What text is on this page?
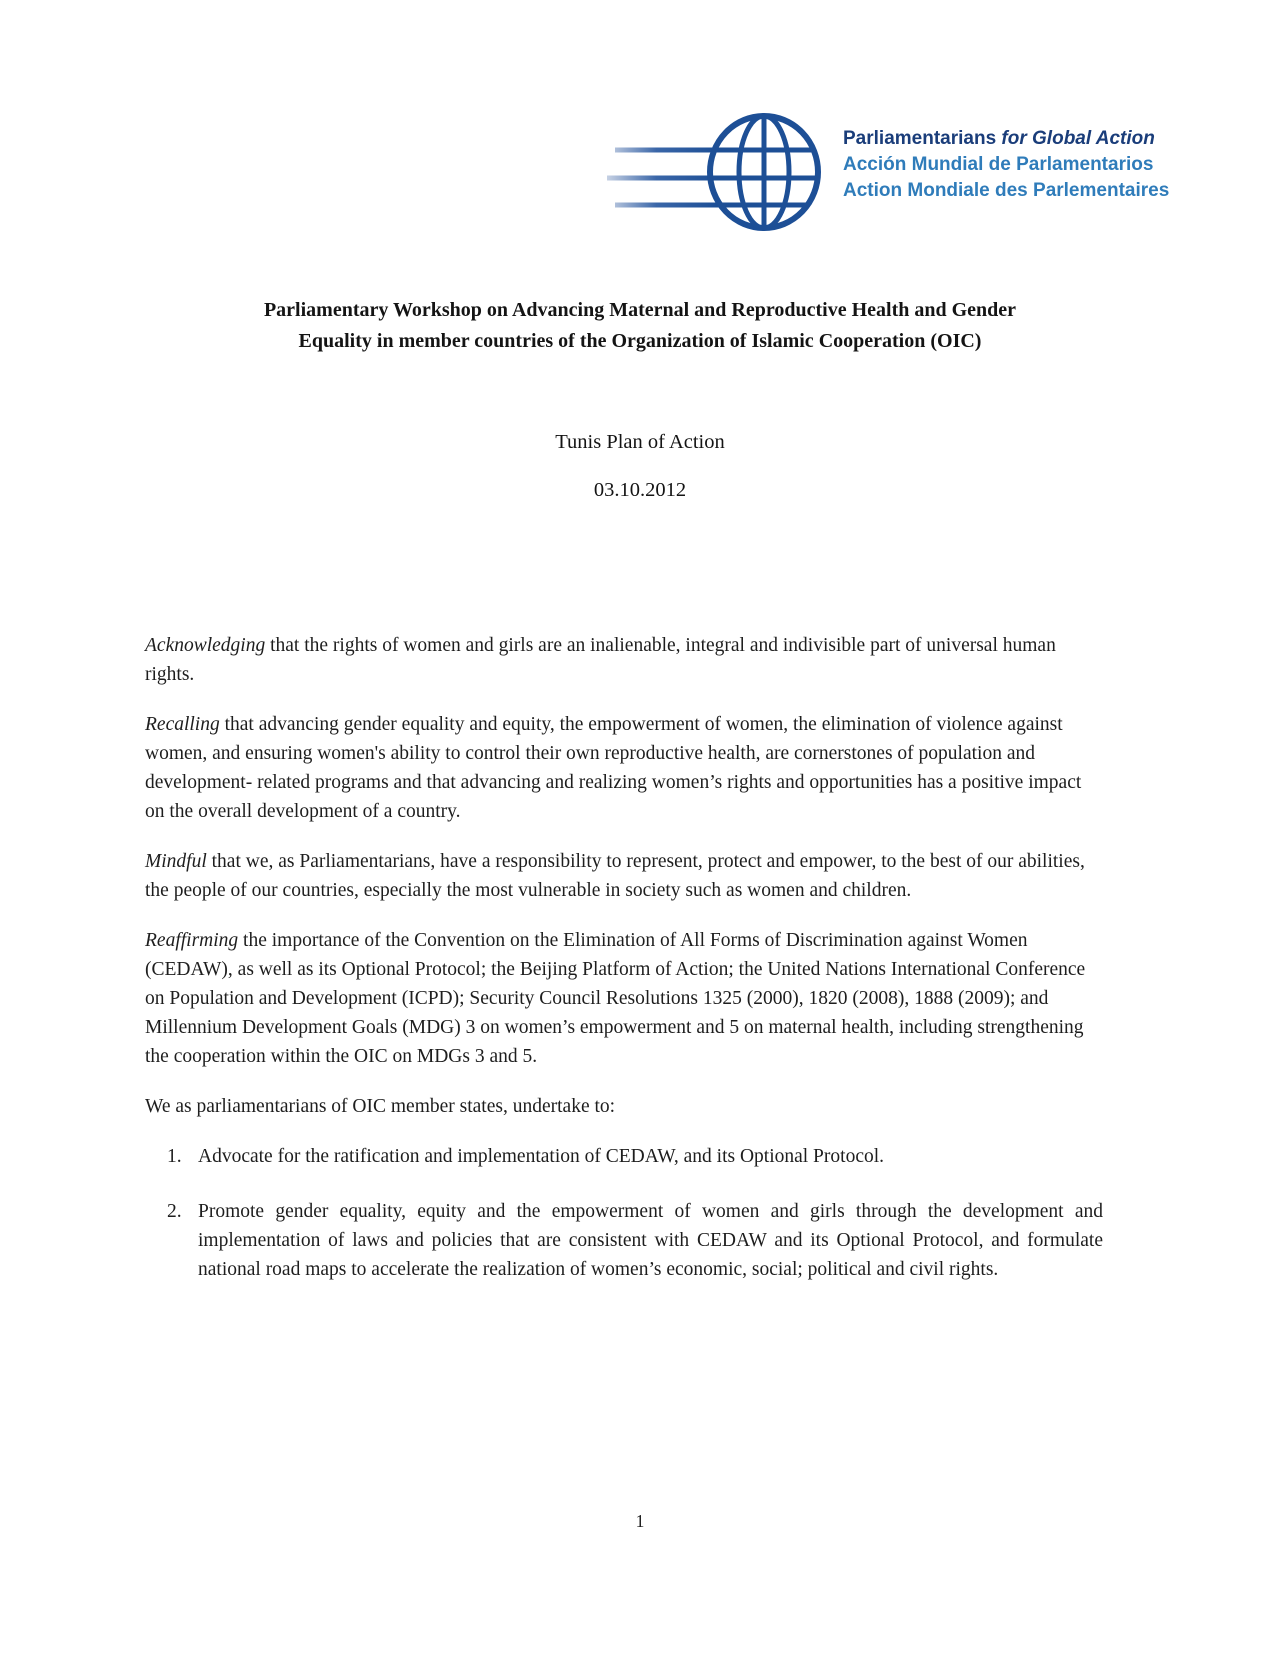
Parliamentarians for Global Action
Acción Mundial de Parlamentarios
Action Mondiale des Parlementaires
Parliamentary Workshop on Advancing Maternal and Reproductive Health and Gender
Equality in member countries of the Organization of Islamic Cooperation (OIC)
Tunis Plan of Action
03.10.2012

Acknowledging that the rights of women and girls are an inalienable, integral and indivisible part of universal human rights.

Recalling that advancing gender equality and equity, the empowerment of women, the elimination of violence against women, and ensuring women's ability to control their own reproductive health, are cornerstones of population and development- related programs and that advancing and realizing women’s rights and opportunities has a positive impact on the overall development of a country.

Mindful that we, as Parliamentarians, have a responsibility to represent, protect and empower, to the best of our abilities, the people of our countries, especially the most vulnerable in society such as women and children.

Reaffirming the importance of the Convention on the Elimination of All Forms of Discrimination against Women (CEDAW), as well as its Optional Protocol; the Beijing Platform of Action; the United Nations International Conference on Population and Development (ICPD); Security Council Resolutions 1325 (2000), 1820 (2008), 1888 (2009); and Millennium Development Goals (MDG) 3 on women’s empowerment and 5 on maternal health, including strengthening the cooperation within the OIC on MDGs 3 and 5.

We as parliamentarians of OIC member states, undertake to:

1. Advocate for the ratification and implementation of CEDAW, and its Optional Protocol.
2. Promote gender equality, equity and the empowerment of women and girls through the development and implementation of laws and policies that are consistent with CEDAW and its Optional Protocol, and formulate national road maps to accelerate the realization of women’s economic, social; political and civil rights.
1
